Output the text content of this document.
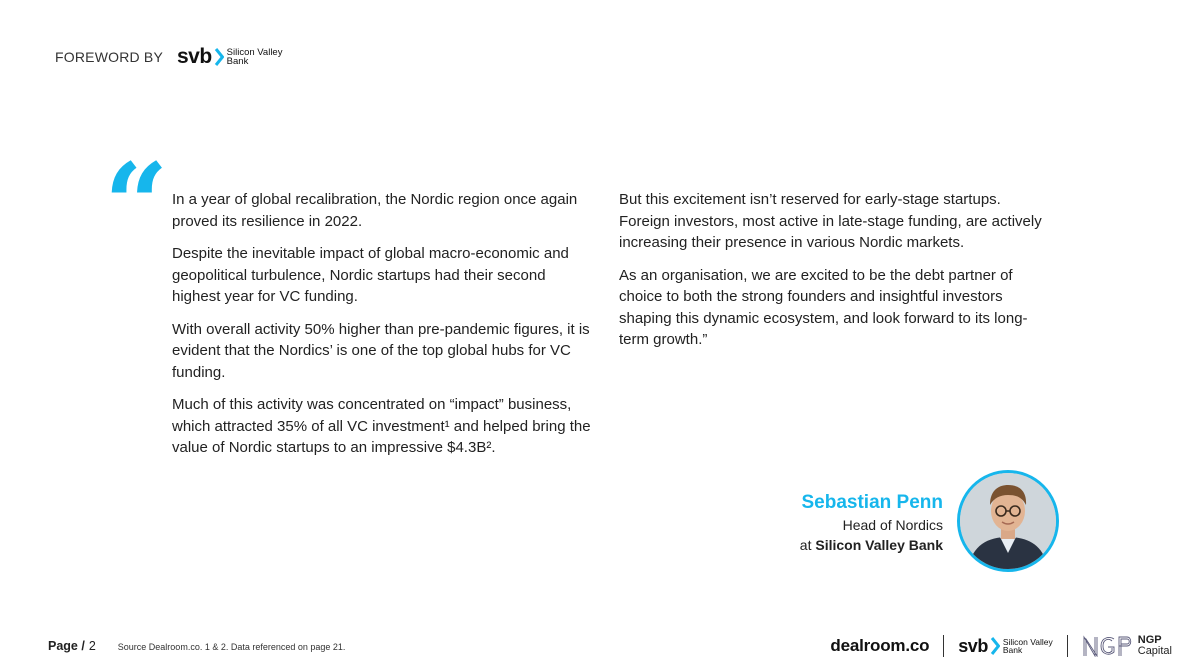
FOREWORD BY svb Silicon Valley
Bank
“ In a year of global recalibration, the Nordic region once again proved its resilience in 2022.

Despite the inevitable impact of global macro-economic and geopolitical turbulence, Nordic startups had their second highest year for VC funding.

With overall activity 50% higher than pre-pandemic figures, it is evident that the Nordics’ is one of the top global hubs for VC funding.

Much of this activity was concentrated on “impact” business, which attracted 35% of all VC investment¹ and helped bring the value of Nordic startups to an impressive $4.3B².

But this excitement isn’t reserved for early-stage startups. Foreign investors, most active in late-stage funding, are actively increasing their presence in various Nordic markets.

As an organisation, we are excited to be the debt partner of choice to both the strong founders and insightful investors shaping this dynamic ecosystem, and look forward to its long-term growth.”

Sebastian Penn
Head of Nordics
at Silicon Valley Bank
Page / 2 Source Dealroom.co. 1 & 2. Data referenced on page 21.	dealroom.co svb Silicon Valley
Bank
NGP
Capital
